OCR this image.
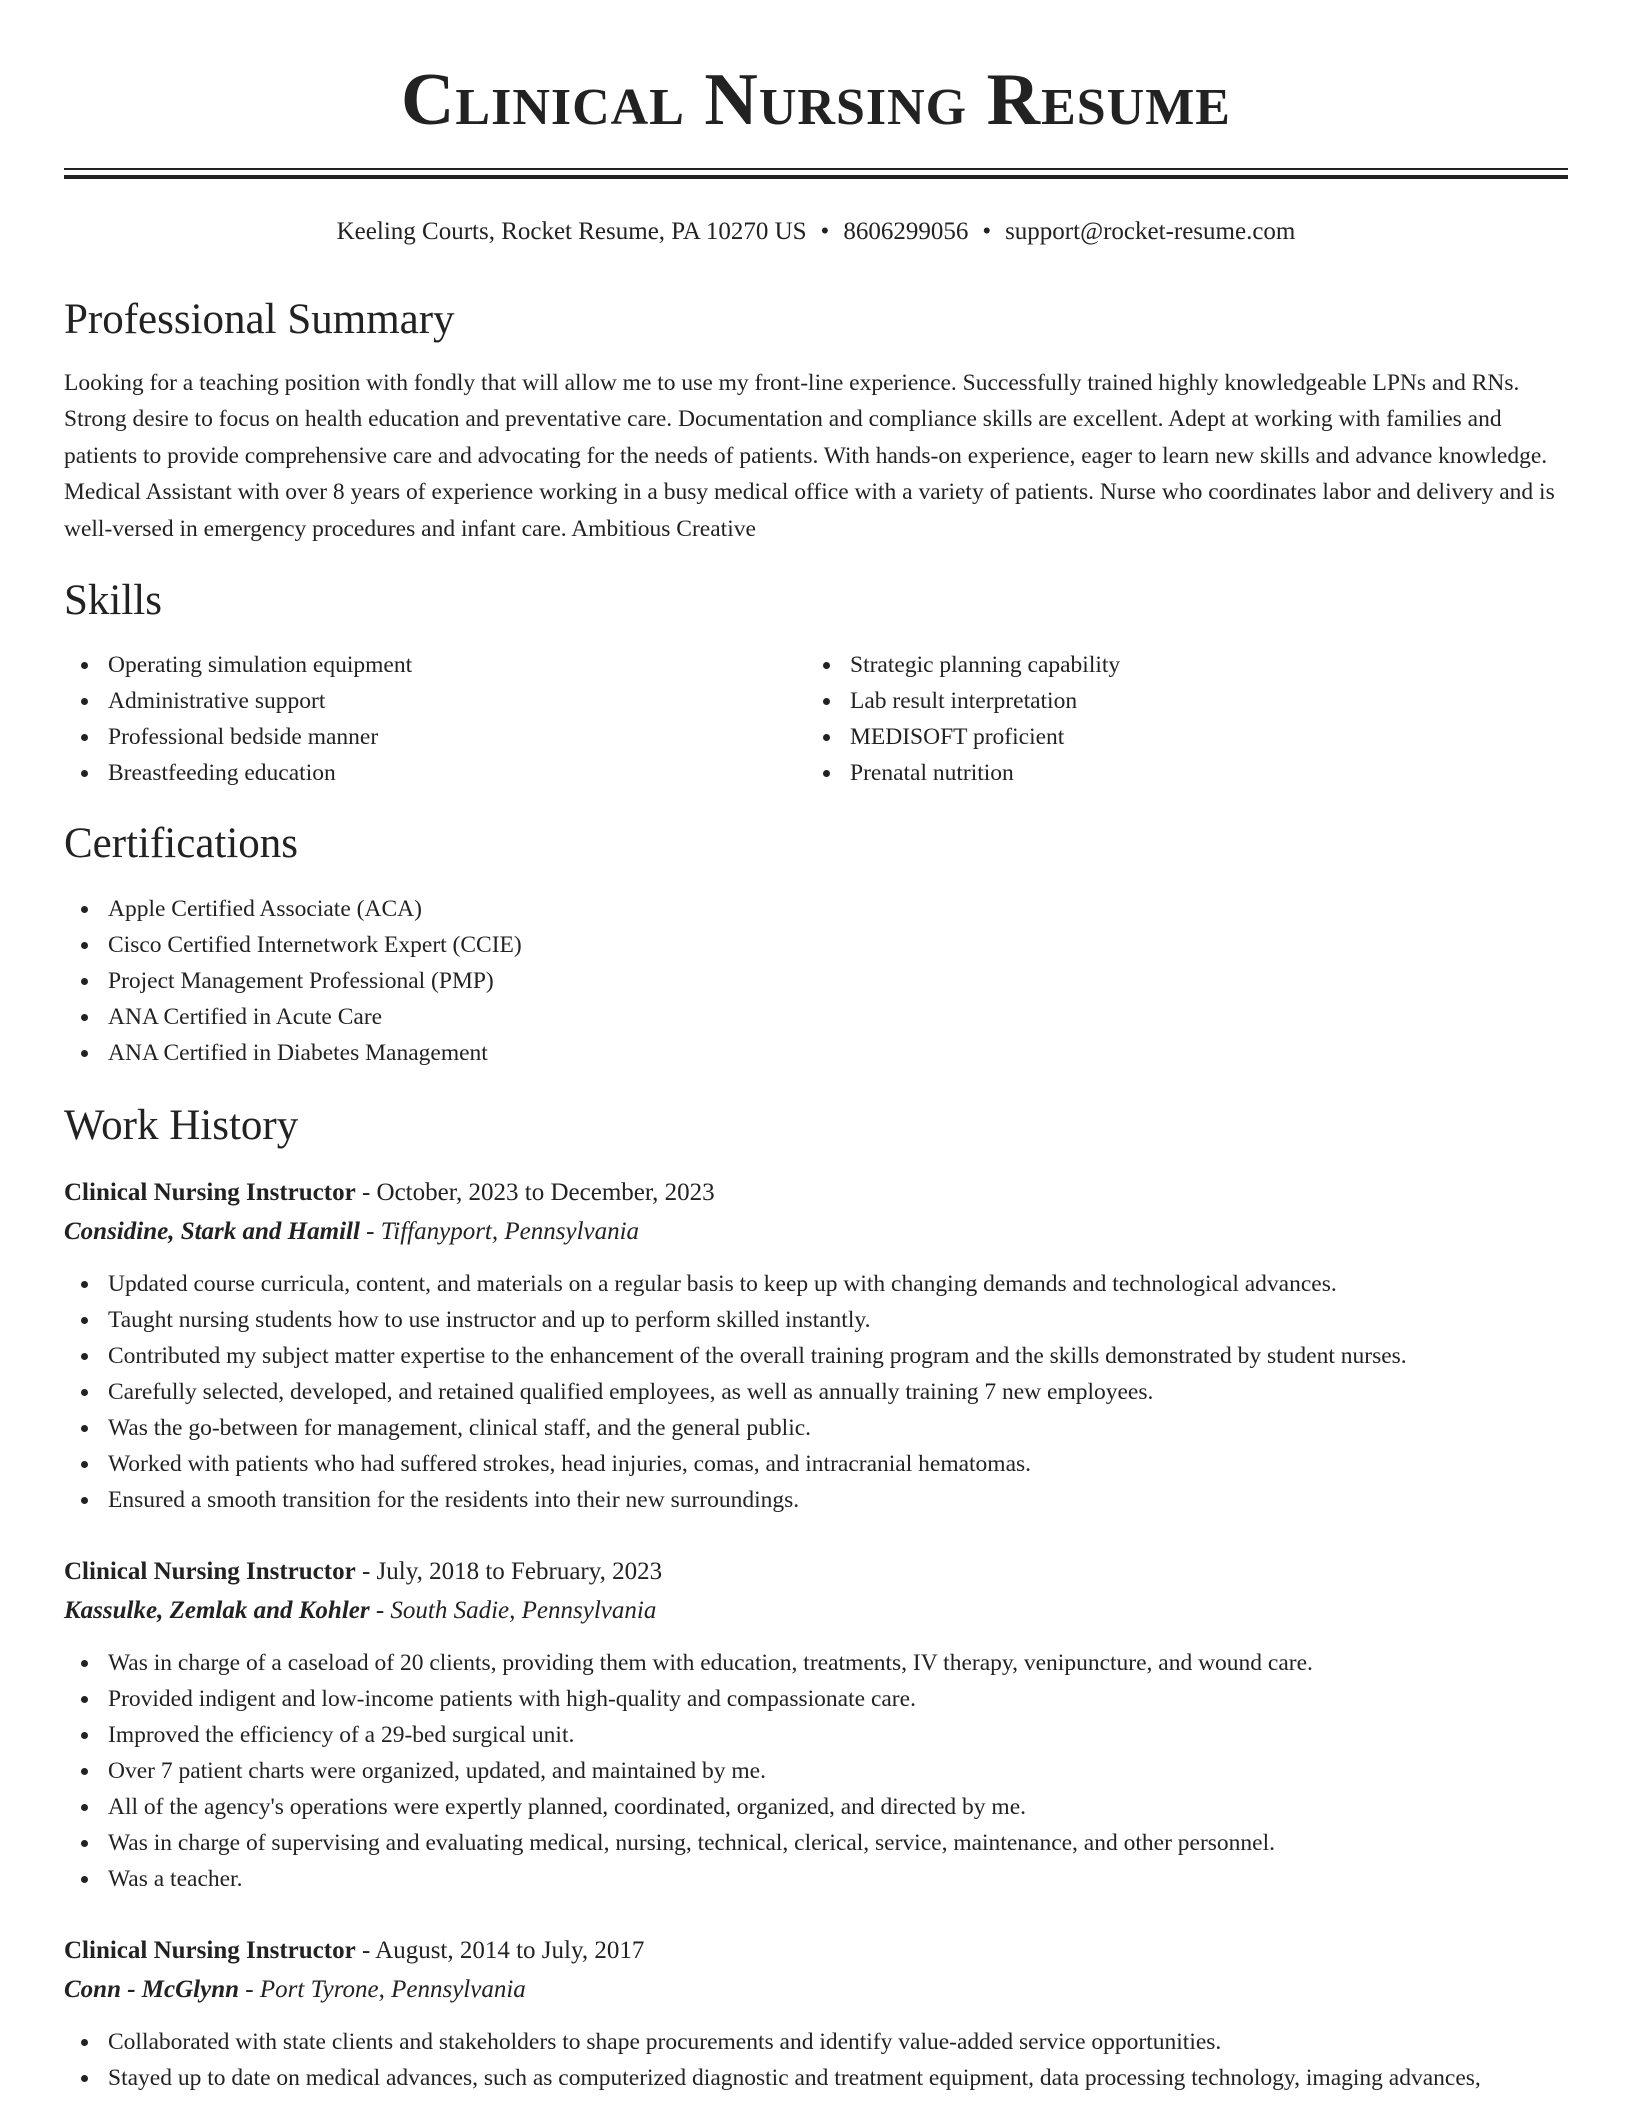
Clinical Nursing Resume
Keeling Courts, Rocket Resume, PA 10270 US • 8606299056 • support@rocket-resume.com
Professional Summary

Looking for a teaching position with fondly that will allow me to use my front-line experience. Successfully trained highly knowledgeable LPNs and RNs. Strong desire to focus on health education and preventative care. Documentation and compliance skills are excellent. Adept at working with families and patients to provide comprehensive care and advocating for the needs of patients. With hands-on experience, eager to learn new skills and advance knowledge. Medical Assistant with over 8 years of experience working in a busy medical office with a variety of patients. Nurse who coordinates labor and delivery and is well-versed in emergency procedures and infant care. Ambitious Creative

Skills
Operating simulation equipment
Administrative support
Professional bedside manner
Breastfeeding education
Strategic planning capability
Lab result interpretation
MEDISOFT proficient
Prenatal nutrition
Certifications
Apple Certified Associate (ACA)
Cisco Certified Internetwork Expert (CCIE)
Project Management Professional (PMP)
ANA Certified in Acute Care
ANA Certified in Diabetes Management
Work History
Clinical Nursing Instructor - October, 2023 to December, 2023
Considine, Stark and Hamill - Tiffanyport, Pennsylvania
Updated course curricula, content, and materials on a regular basis to keep up with changing demands and technological advances.
Taught nursing students how to use instructor and up to perform skilled instantly.
Contributed my subject matter expertise to the enhancement of the overall training program and the skills demonstrated by student nurses.
Carefully selected, developed, and retained qualified employees, as well as annually training 7 new employees.
Was the go-between for management, clinical staff, and the general public.
Worked with patients who had suffered strokes, head injuries, comas, and intracranial hematomas.
Ensured a smooth transition for the residents into their new surroundings.
Clinical Nursing Instructor - July, 2018 to February, 2023
Kassulke, Zemlak and Kohler - South Sadie, Pennsylvania
Was in charge of a caseload of 20 clients, providing them with education, treatments, IV therapy, venipuncture, and wound care.
Provided indigent and low-income patients with high-quality and compassionate care.
Improved the efficiency of a 29-bed surgical unit.
Over 7 patient charts were organized, updated, and maintained by me.
All of the agency's operations were expertly planned, coordinated, organized, and directed by me.
Was in charge of supervising and evaluating medical, nursing, technical, clerical, service, maintenance, and other personnel.
Was a teacher.
Clinical Nursing Instructor - August, 2014 to July, 2017
Conn - McGlynn - Port Tyrone, Pennsylvania
Collaborated with state clients and stakeholders to shape procurements and identify value-added service opportunities.
Stayed up to date on medical advances, such as computerized diagnostic and treatment equipment, data processing technology, imaging advances,
